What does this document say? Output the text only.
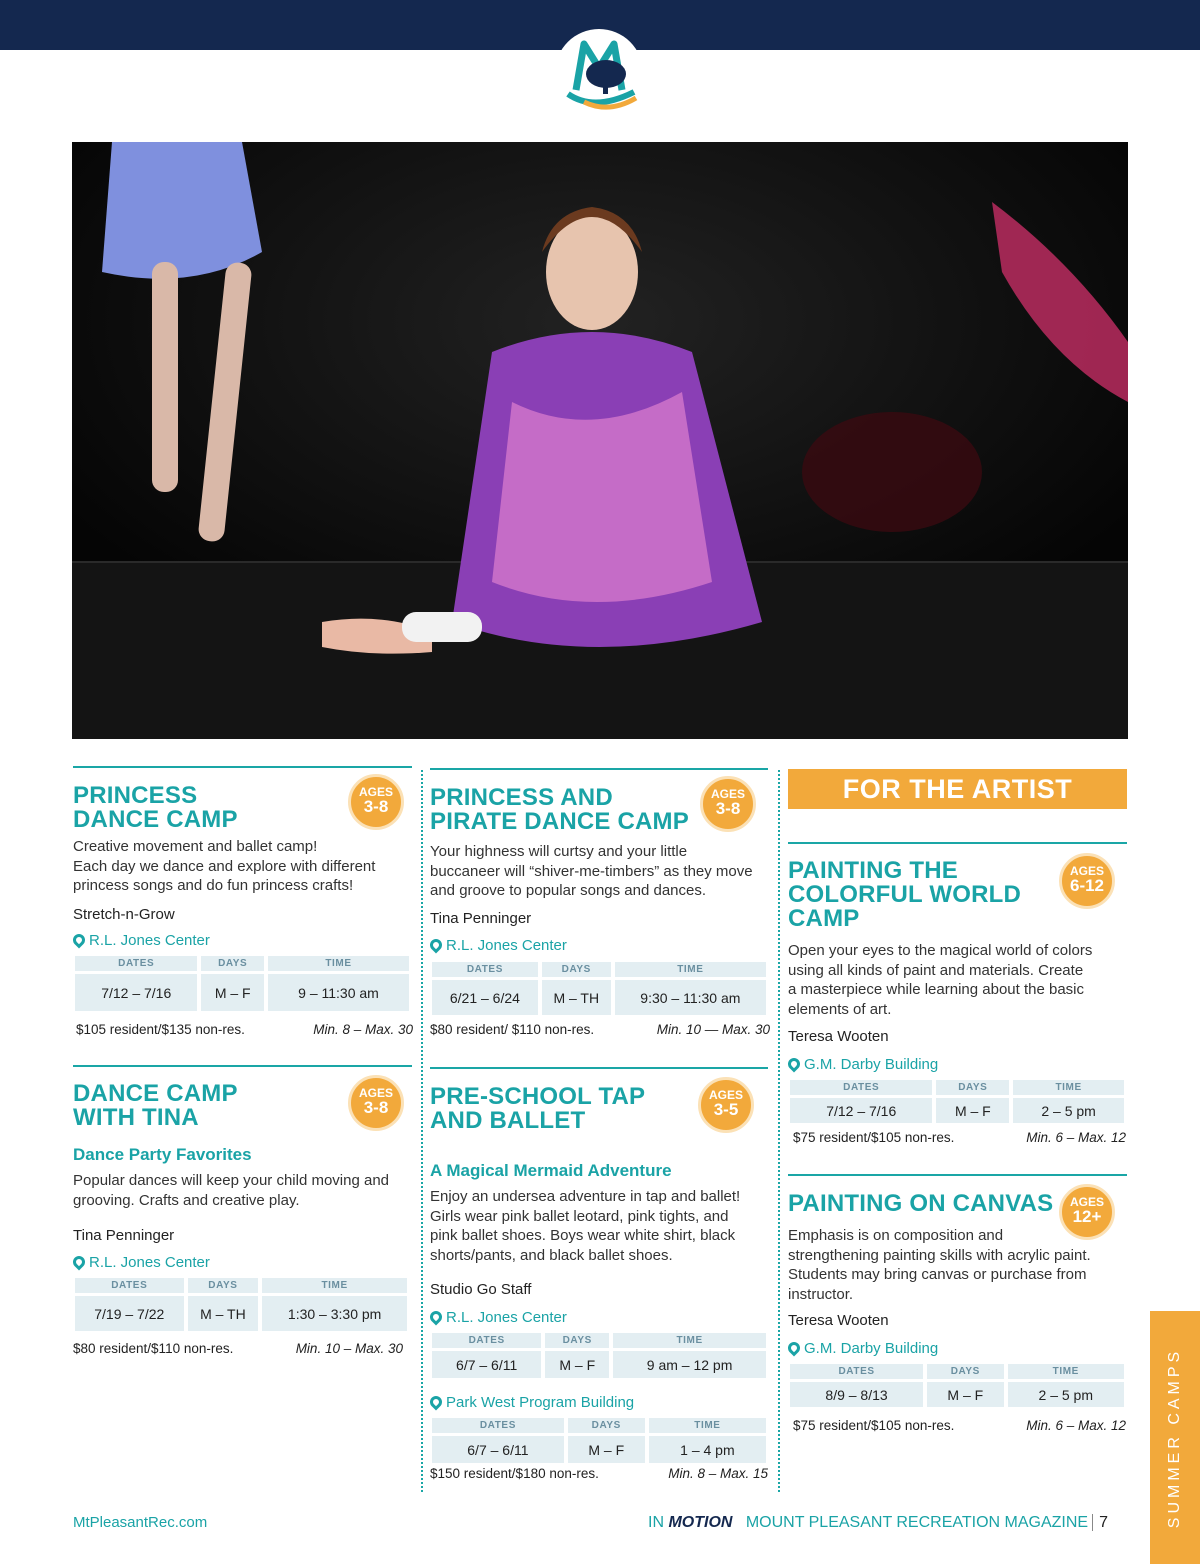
PRINCESS
DANCE CAMP
AGES
3-8
Creative movement and ballet camp!
Each day we dance and explore with different
princess songs and do fun princess crafts!
Stretch-n-Grow
R.L. Jones Center
DATES	DAYS	TIME
7/12 – 7/16	M – F	9 – 11:30 am
$105 resident/$135 non-res.	Min. 8 – Max. 30
DANCE CAMP
WITH TINA
AGES
3-8
Dance Party Favorites
Popular dances will keep your child moving and
grooving. Crafts and creative play.
Tina Penninger
R.L. Jones Center
DATES	DAYS	TIME
7/19 – 7/22	M – TH	1:30 – 3:30 pm
$80 resident/$110 non-res.	Min. 10 – Max. 30
PRINCESS AND
PIRATE DANCE CAMP
AGES
3-8
Your highness will curtsy and your little
buccaneer will “shiver-me-timbers” as they move
and groove to popular songs and dances.
Tina Penninger
R.L. Jones Center
DATES	DAYS	TIME
6/21 – 6/24	M – TH	9:30 – 11:30 am
$80 resident/ $110 non-res.	Min. 10 — Max. 30
PRE-SCHOOL TAP
AND BALLET
AGES
3-5
A Magical Mermaid Adventure
Enjoy an undersea adventure in tap and ballet!
Girls wear pink ballet leotard, pink tights, and
pink ballet shoes. Boys wear white shirt, black
shorts/pants, and black ballet shoes.
Studio Go Staff
R.L. Jones Center
DATES	DAYS	TIME
6/7 – 6/11	M – F	9 am – 12 pm
Park West Program Building
DATES	DAYS	TIME
6/7 – 6/11	M – F	1 – 4 pm
$150 resident/$180 non-res.	Min. 8 – Max. 15
FOR THE ARTIST
PAINTING THE
COLORFUL WORLD
CAMP
AGES
6-12
Open your eyes to the magical world of colors
using all kinds of paint and materials. Create
a masterpiece while learning about the basic
elements of art.
Teresa Wooten
G.M. Darby Building
DATES	DAYS	TIME
7/12 – 7/16	M – F	2 – 5 pm
$75 resident/$105 non-res.	Min. 6 – Max. 12
PAINTING ON CANVAS	AGES
12+
Emphasis is on composition and
strengthening painting skills with acrylic paint.
Students may bring canvas or purchase from
instructor.
Teresa Wooten
G.M. Darby Building
DATES	DAYS	TIME
8/9 – 8/13	M – F	2 – 5 pm
$75 resident/$105 non-res.	Min. 6 – Max. 12	SUMMER CAMPS
MtPleasantRec.com	IN MOTION MOUNT PLEASANT RECREATION MAGAZINE 7
